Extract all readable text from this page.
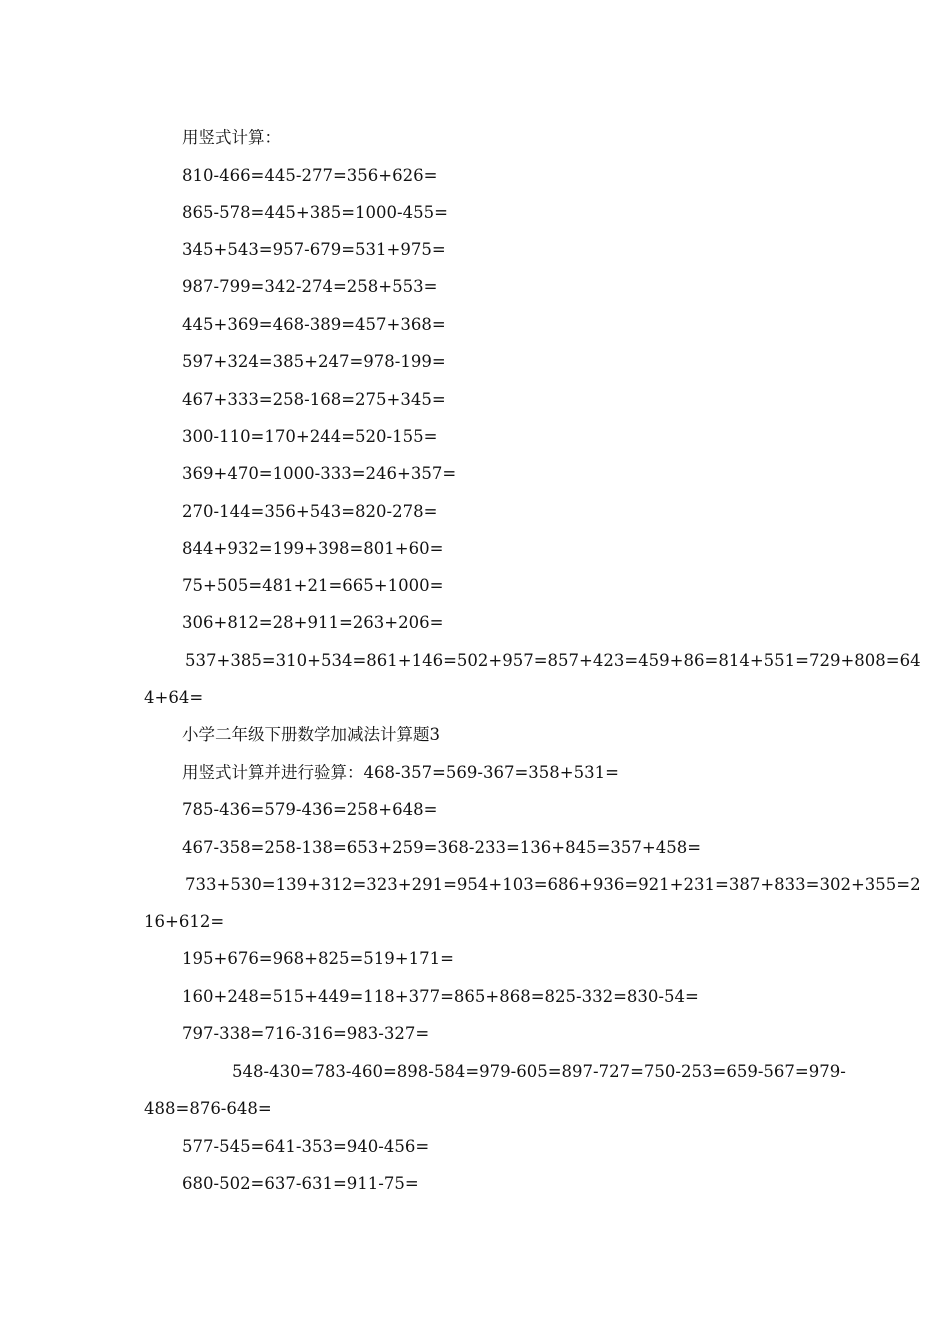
用竖式计算：
810-466=445-277=356+626=
865-578=445+385=1000-455=
345+543=957-679=531+975=
987-799=342-274=258+553=
445+369=468-389=457+368=
597+324=385+247=978-199=
467+333=258-168=275+345=
300-110=170+244=520-155=
369+470=1000-333=246+357=
270-144=356+543=820-278=
844+932=199+398=801+60=
75+505=481+21=665+1000=
306+812=28+911=263+206=
537+385=310+534=861+146=502+957=857+423=459+86=814+551=729+808=64
4+64=
小学二年级下册数学加减法计算题3
用竖式计算并进行验算：468-357=569-367=358+531=
785-436=579-436=258+648=
467-358=258-138=653+259=368-233=136+845=357+458=
733+530=139+312=323+291=954+103=686+936=921+231=387+833=302+355=2
16+612=
195+676=968+825=519+171=
160+248=515+449=118+377=865+868=825-332=830-54=
797-338=716-316=983-327=
548-430=783-460=898-584=979-605=897-727=750-253=659-567=979-
488=876-648=
577-545=641-353=940-456=
680-502=637-631=911-75=
